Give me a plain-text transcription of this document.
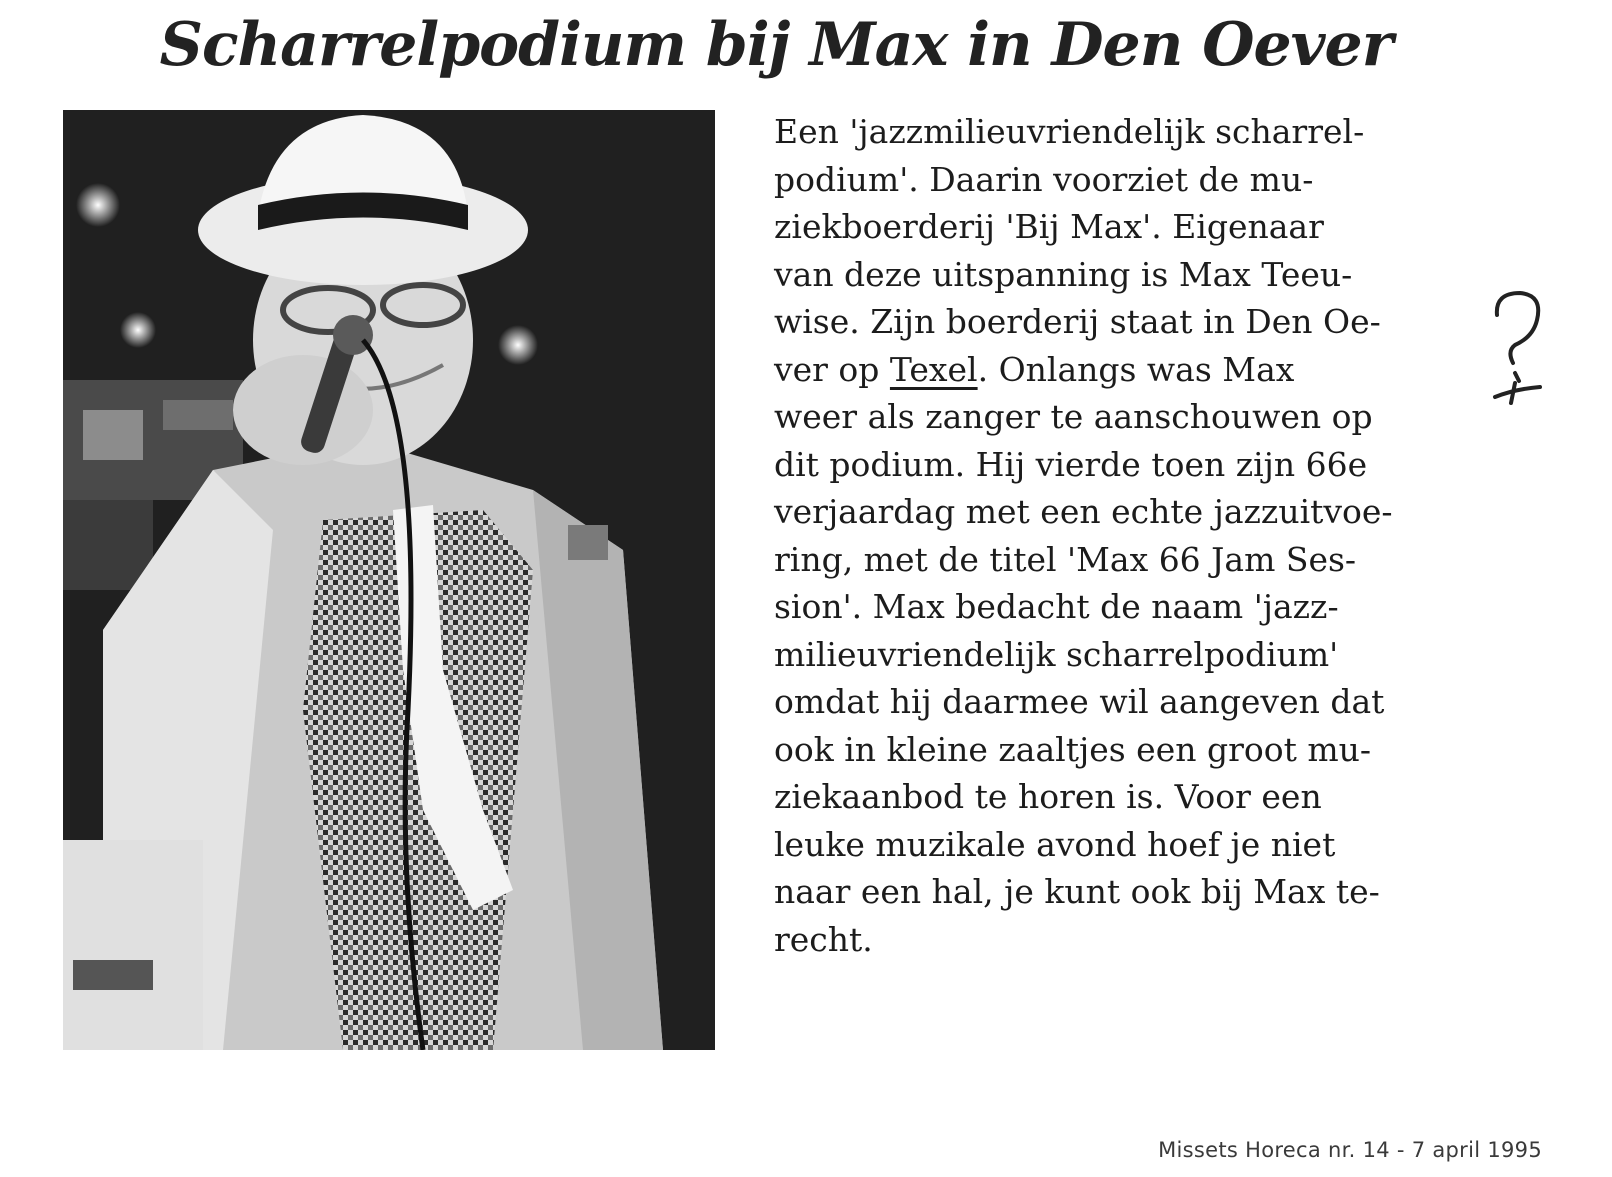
Scharrelpodium bij Max in Den Oever
Een 'jazzmilieuvriendelijk scharrel-
podium'. Daarin voorziet de mu-
ziekboerderij 'Bij Max'. Eigenaar
van deze uitspanning is Max Teeu-
wise. Zijn boerderij staat in Den Oe-
ver op Texel. Onlangs was Max
weer als zanger te aanschouwen op
dit podium. Hij vierde toen zijn 66e
verjaardag met een echte jazzuitvoe-
ring, met de titel 'Max 66 Jam Ses-
sion'. Max bedacht de naam 'jazz-
milieuvriendelijk scharrelpodium'
omdat hij daarmee wil aangeven dat
ook in kleine zaaltjes een groot mu-
ziekaanbod te horen is. Voor een
leuke muzikale avond hoef je niet
naar een hal, je kunt ook bij Max te-
recht.
Missets Horeca nr. 14 - 7 april 1995
